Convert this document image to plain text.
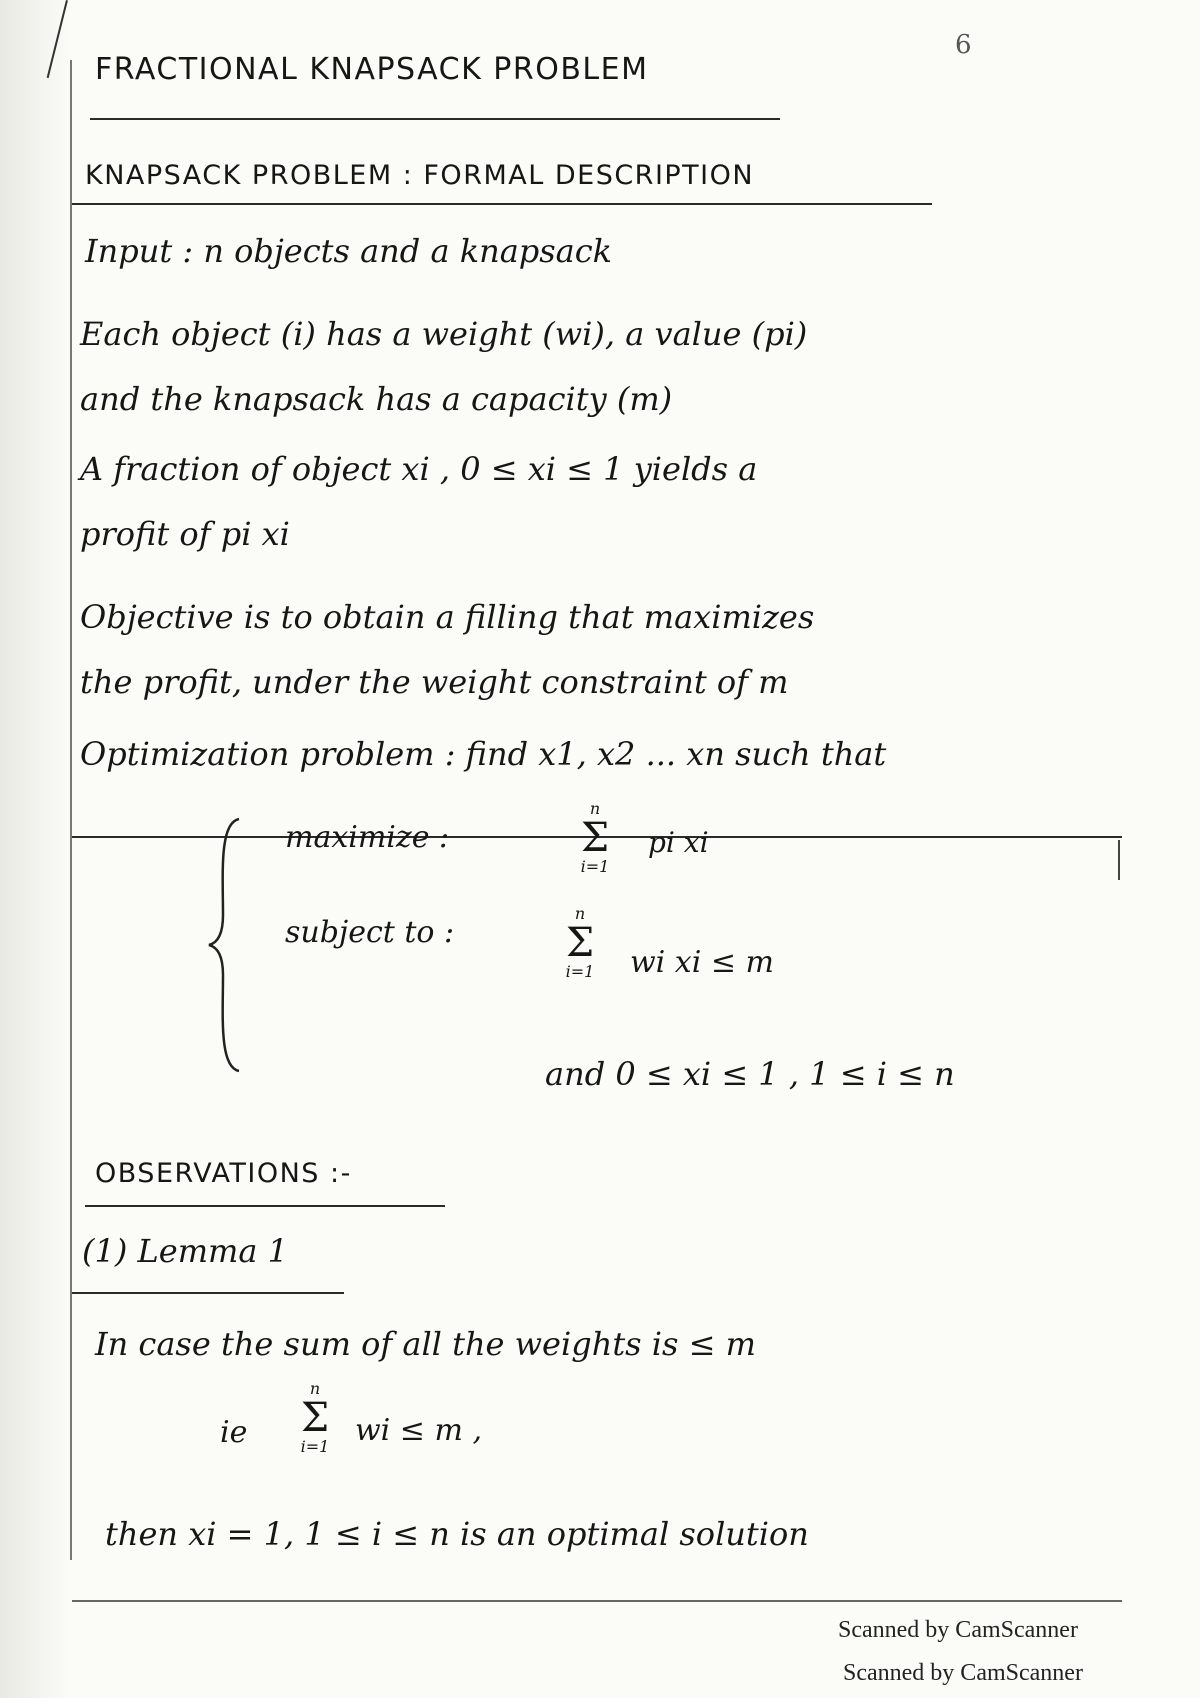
6
FRACTIONAL KNAPSACK PROBLEM
KNAPSACK PROBLEM : FORMAL DESCRIPTION
Input : n objects and a knapsack
Each object (i) has a weight (wi), a value (pi)
and the knapsack has a capacity (m)
A fraction of object xi , 0 ≤ xi ≤ 1 yields a
profit of pi xi
Objective is to obtain a filling that maximizes
the profit, under the weight constraint of m
Optimization problem : find x1, x2 ... xn such that
maximize :
n
Σ
i=1
pi xi
subject to :
n
Σ
i=1 wi xi ≤ m
and 0 ≤ xi ≤ 1 , 1 ≤ i ≤ n
OBSERVATIONS :-
(1) Lemma 1
In case the sum of all the weights is ≤ m
ie
n
Σ
i=1 wi ≤ m ,
then xi = 1, 1 ≤ i ≤ n is an optimal solution
Scanned by CamScanner
Scanned by CamScanner
